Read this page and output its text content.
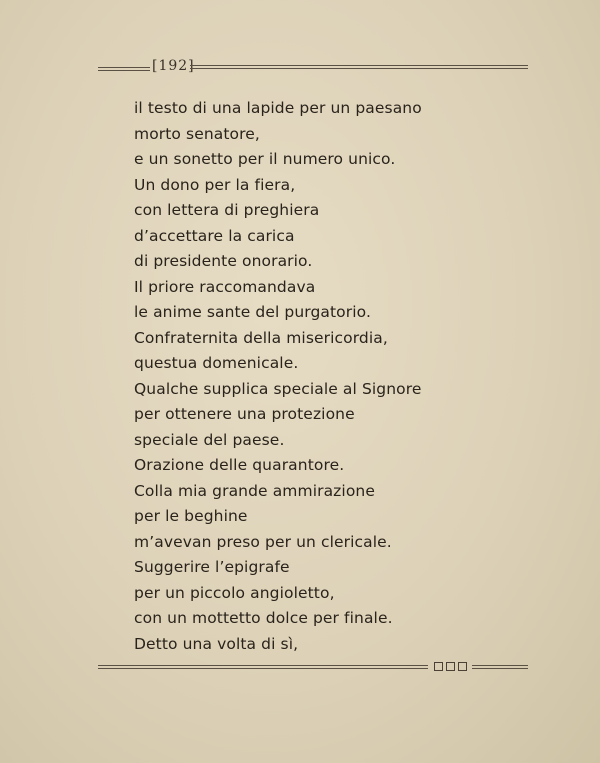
[192]
il testo di una lapide per un paesano
morto senatore,
e un sonetto per il numero unico.
Un dono per la fiera,
con lettera di preghiera
d’accettare la carica
di presidente onorario.
Il priore raccomandava
le anime sante del purgatorio.
Confraternita della misericordia,
questua domenicale.
Qualche supplica speciale al Signore
per ottenere una protezione
speciale del paese.
Orazione delle quarantore.
Colla mia grande ammirazione
per le beghine
m’avevan preso per un clericale.
Suggerire l’epigrafe
per un piccolo angioletto,
con un mottetto dolce per finale.
Detto una volta di sì,
